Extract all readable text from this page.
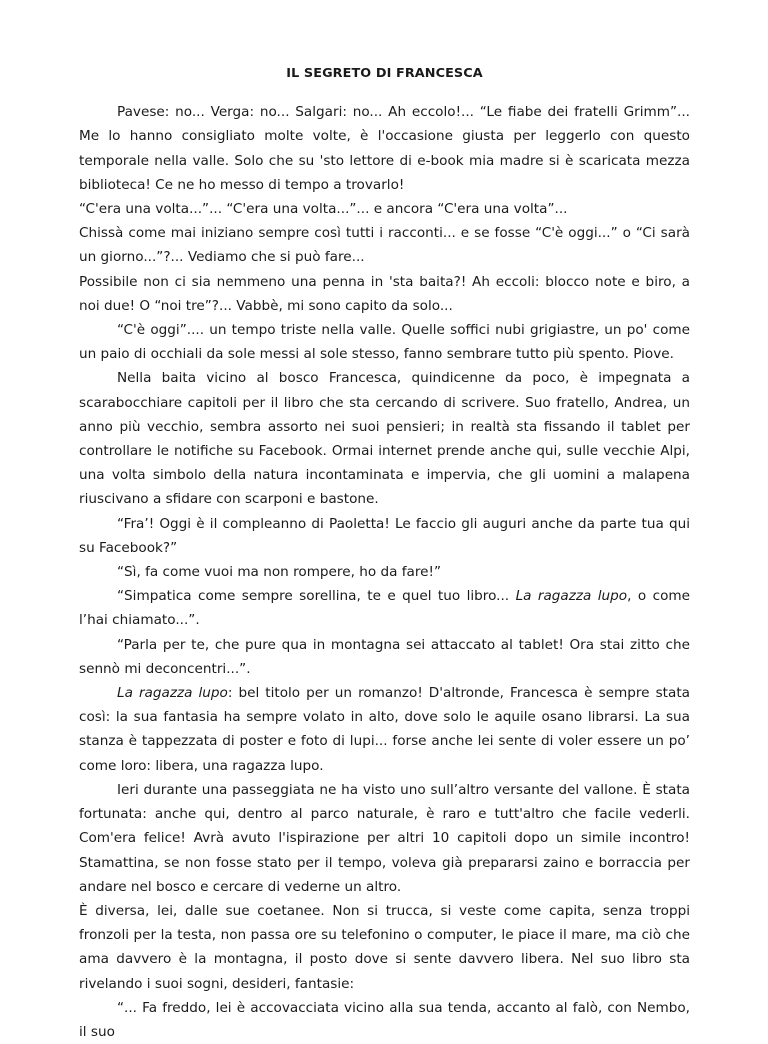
IL SEGRETO DI FRANCESCA

Pavese: no... Verga: no... Salgari: no... Ah eccolo!... “Le fiabe dei fratelli Grimm”... Me lo hanno consigliato molte volte, è l'occasione giusta per leggerlo con questo temporale nella valle. Solo che su 'sto lettore di e-book mia madre si è scaricata mezza biblioteca! Ce ne ho messo di tempo a trovarlo!

“C'era una volta...”... “C'era una volta...”... e ancora “C'era una volta”...

Chissà come mai iniziano sempre così tutti i racconti... e se fosse “C'è oggi...” o “Ci sarà un giorno...”?... Vediamo che si può fare...

Possibile non ci sia nemmeno una penna in 'sta baita?! Ah eccoli: blocco note e biro, a noi due! O “noi tre”?... Vabbè, mi sono capito da solo...

“C'è oggi”.... un tempo triste nella valle. Quelle soffici nubi grigiastre, un po' come un paio di occhiali da sole messi al sole stesso, fanno sembrare tutto più spento. Piove.

Nella baita vicino al bosco Francesca, quindicenne da poco, è impegnata a scarabocchiare capitoli per il libro che sta cercando di scrivere. Suo fratello, Andrea, un anno più vecchio, sembra assorto nei suoi pensieri; in realtà sta fissando il tablet per controllare le notifiche su Facebook. Ormai internet prende anche qui, sulle vecchie Alpi, una volta simbolo della natura incontaminata e impervia, che gli uomini a malapena riuscivano a sfidare con scarponi e bastone.

“Fra’! Oggi è il compleanno di Paoletta! Le faccio gli auguri anche da parte tua qui su Facebook?”

“Sì, fa come vuoi ma non rompere, ho da fare!”

“Simpatica come sempre sorellina, te e quel tuo libro... La ragazza lupo, o come l’hai chiamato...”.

“Parla per te, che pure qua in montagna sei attaccato al tablet! Ora stai zitto che sennò mi deconcentri...”.

La ragazza lupo: bel titolo per un romanzo! D'altronde, Francesca è sempre stata così: la sua fantasia ha sempre volato in alto, dove solo le aquile osano librarsi. La sua stanza è tappezzata di poster e foto di lupi... forse anche lei sente di voler essere un po’ come loro: libera, una ragazza lupo.

Ieri durante una passeggiata ne ha visto uno sull’altro versante del vallone. È stata fortunata: anche qui, dentro al parco naturale, è raro e tutt'altro che facile vederli. Com'era felice! Avrà avuto l'ispirazione per altri 10 capitoli dopo un simile incontro! Stamattina, se non fosse stato per il tempo, voleva già prepararsi zaino e borraccia per andare nel bosco e cercare di vederne un altro.

È diversa, lei, dalle sue coetanee. Non si trucca, si veste come capita, senza troppi fronzoli per la testa, non passa ore su telefonino o computer, le piace il mare, ma ciò che ama davvero è la montagna, il posto dove si sente davvero libera. Nel suo libro sta rivelando i suoi sogni, desideri, fantasie:

“... Fa freddo, lei è accovacciata vicino alla sua tenda, accanto al falò, con Nembo, il suo
